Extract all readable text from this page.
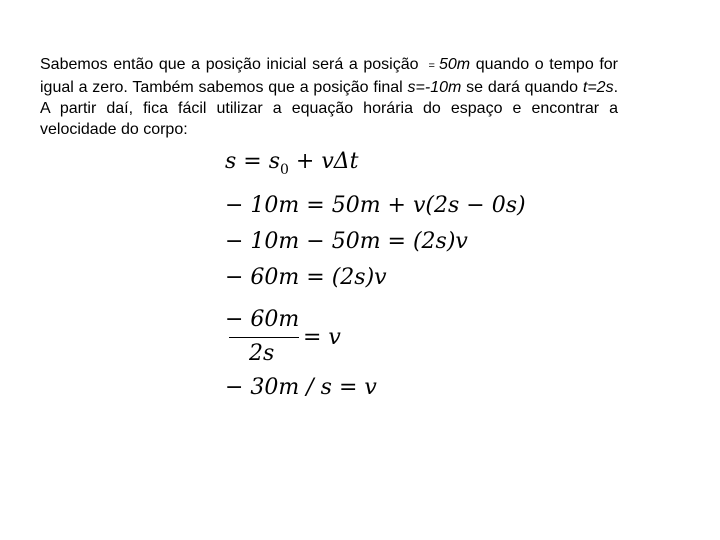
Sabemos então que a posição inicial será a posição = 50m quando o tempo for igual a zero. Também sabemos que a posição final s=-10m se dará quando t=2s. A partir daí, fica fácil utilizar a equação horária do espaço e encontrar a velocidade do corpo:
$s = s_0 + v\Delta t$
− 10m = 50m + v(2s − 0s)
− 10m − 50m = (2s)v
− 60m = (2s)v
− 60m
2s
= v
− 30m / s = v
